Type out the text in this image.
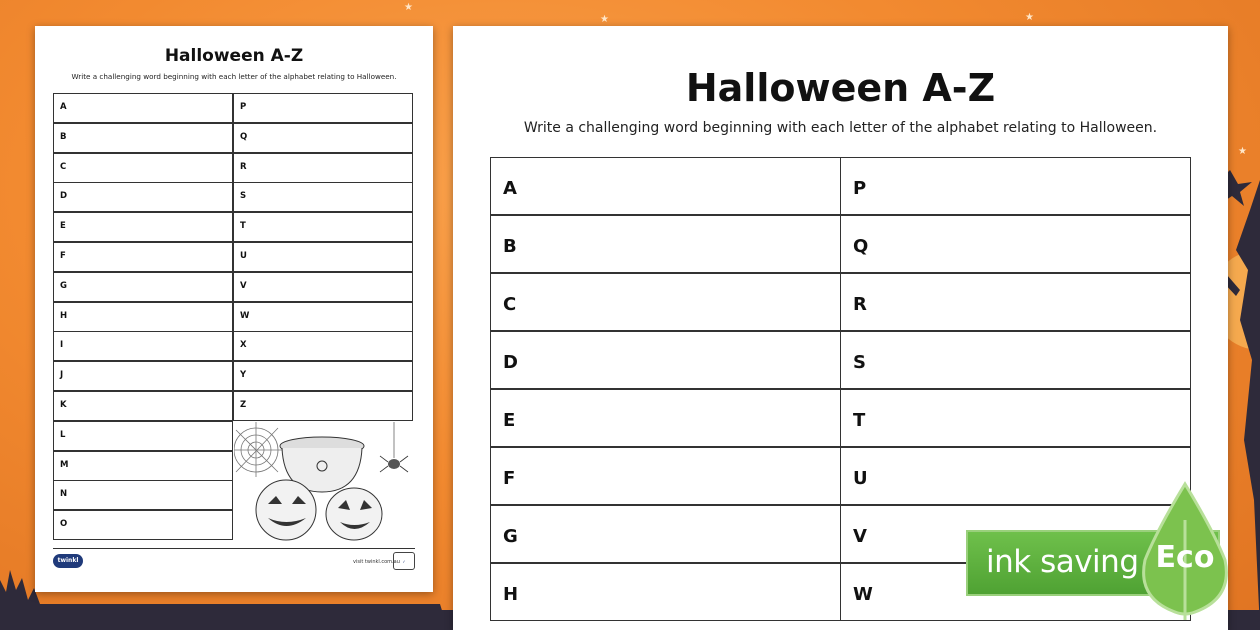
★
★	★
★
Halloween A-Z
Write a challenging word beginning with each letter of the alphabet relating to Halloween.
A
B
C
D
E
F
G
H
I
J
K
L
M
N
O
P
Q
R
S
T
U
V
W
X
Y
Z
twinkl	visit twinkl.com.au ✓
Halloween A-Z
Write a challenging word beginning with each letter of the alphabet relating to Halloween.
A
B
C
D
E
F
G
H
P
Q
R
S
T
U
V
W
ink saving Eco
